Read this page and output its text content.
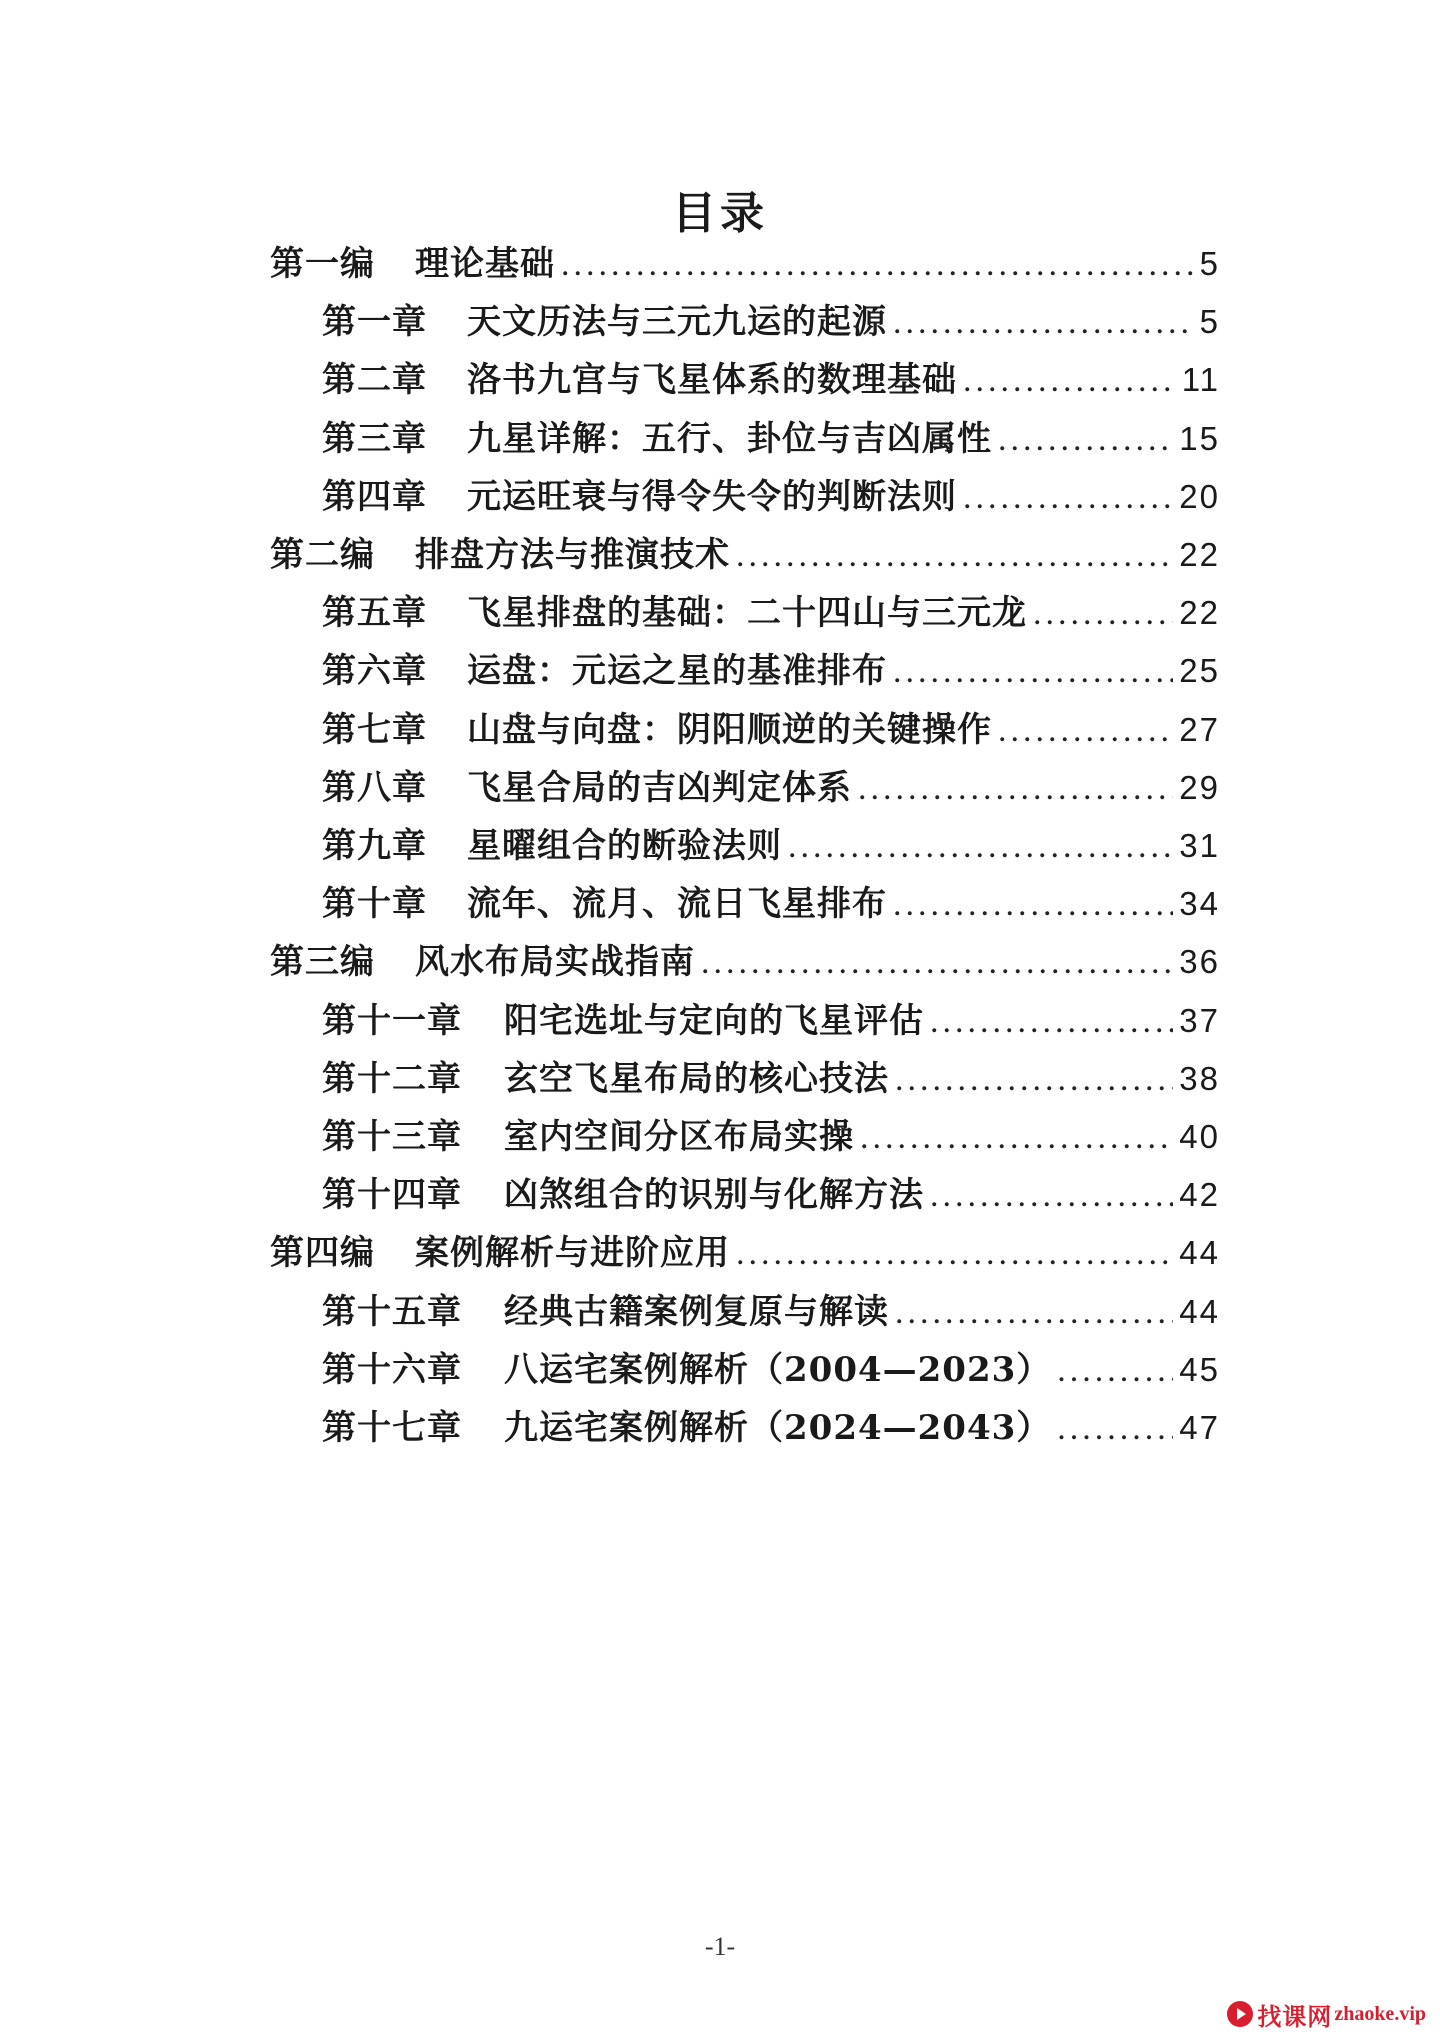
目录
第一编	理论基础 .....	5
第一章	天文历法与三元九运的起源 .....	5
第二章	洛书九宫与飞星体系的数理基础 .....	11
第三章	九星详解：五行、卦位与吉凶属性 .....	15
第四章	元运旺衰与得令失令的判断法则 .....	20
第二编	排盘方法与推演技术 .....	22
第五章	飞星排盘的基础：二十四山与三元龙 .....	22
第六章	运盘：元运之星的基准排布 .....	25
第七章	山盘与向盘：阴阳顺逆的关键操作 .....	27
第八章	飞星合局的吉凶判定体系 .....	29
第九章	星曜组合的断验法则 .....	31
第十章	流年、流月、流日飞星排布 .....	34
第三编	风水布局实战指南 .....	36
第十一章	阳宅选址与定向的飞星评估 .....	37
第十二章	玄空飞星布局的核心技法 .....	38
第十三章	室内空间分区布局实操 .....	40
第十四章	凶煞组合的识别与化解方法 .....	42
第四编	案例解析与进阶应用 .....	44
第十五章	经典古籍案例复原与解读 .....	44
第十六章	八运宅案例解析（2004—2023） .....	45
第十七章	九运宅案例解析（2024—2043） .....	47
-1-
找课网 zhaoke.vip
